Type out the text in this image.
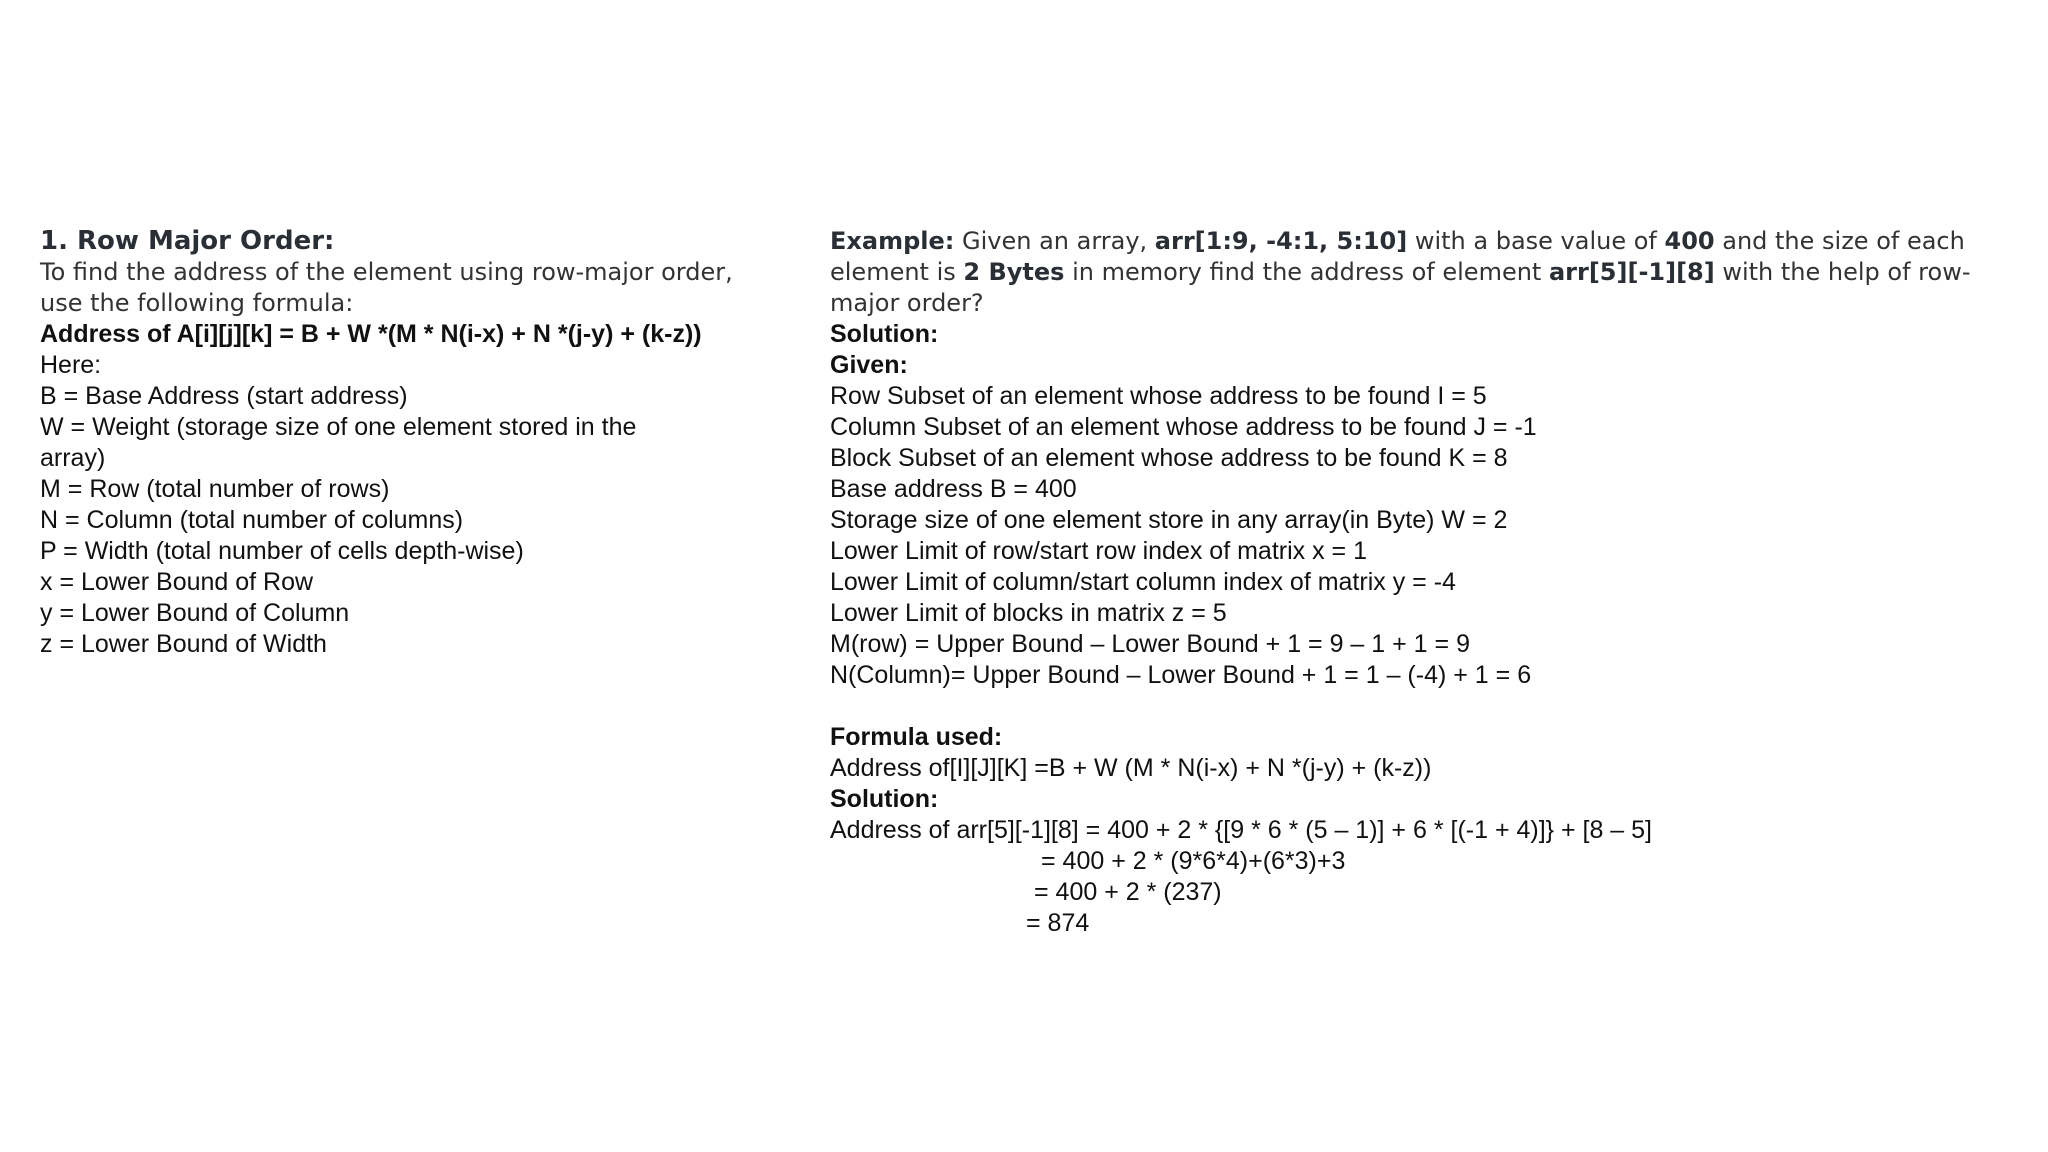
1. Row Major Order:

To find the address of the element using row-major order,

use the following formula:

Address of A[i][j][k] = B + W *(M * N(i-x) + N *(j-y) + (k-z))

Here:

B = Base Address (start address)

W = Weight (storage size of one element stored in the

array)

M = Row (total number of rows)

N = Column (total number of columns)

P = Width (total number of cells depth-wise)

x = Lower Bound of Row

y = Lower Bound of Column

z = Lower Bound of Width

Example: Given an array, arr[1:9, -4:1, 5:10] with a base value of 400 and the size of each

element is 2 Bytes in memory find the address of element arr[5][-1][8] with the help of row-

major order?

Solution:

Given:

Row Subset of an element whose address to be found I = 5

Column Subset of an element whose address to be found J = -1

Block Subset of an element whose address to be found K = 8

Base address B = 400

Storage size of one element store in any array(in Byte) W = 2

Lower Limit of row/start row index of matrix x = 1

Lower Limit of column/start column index of matrix y = -4

Lower Limit of blocks in matrix z = 5

M(row) = Upper Bound – Lower Bound + 1 = 9 – 1 + 1 = 9

N(Column)= Upper Bound – Lower Bound + 1 = 1 – (-4) + 1 = 6

Formula used:

Address of[I][J][K] =B + W (M * N(i-x) + N *(j-y) + (k-z))

Solution:

Address of arr[5][-1][8] = 400 + 2 * {[9 * 6 * (5 – 1)] + 6 * [(-1 + 4)]} + [8 – 5]

= 400 + 2 * (9*6*4)+(6*3)+3

= 400 + 2 * (237)

= 874
